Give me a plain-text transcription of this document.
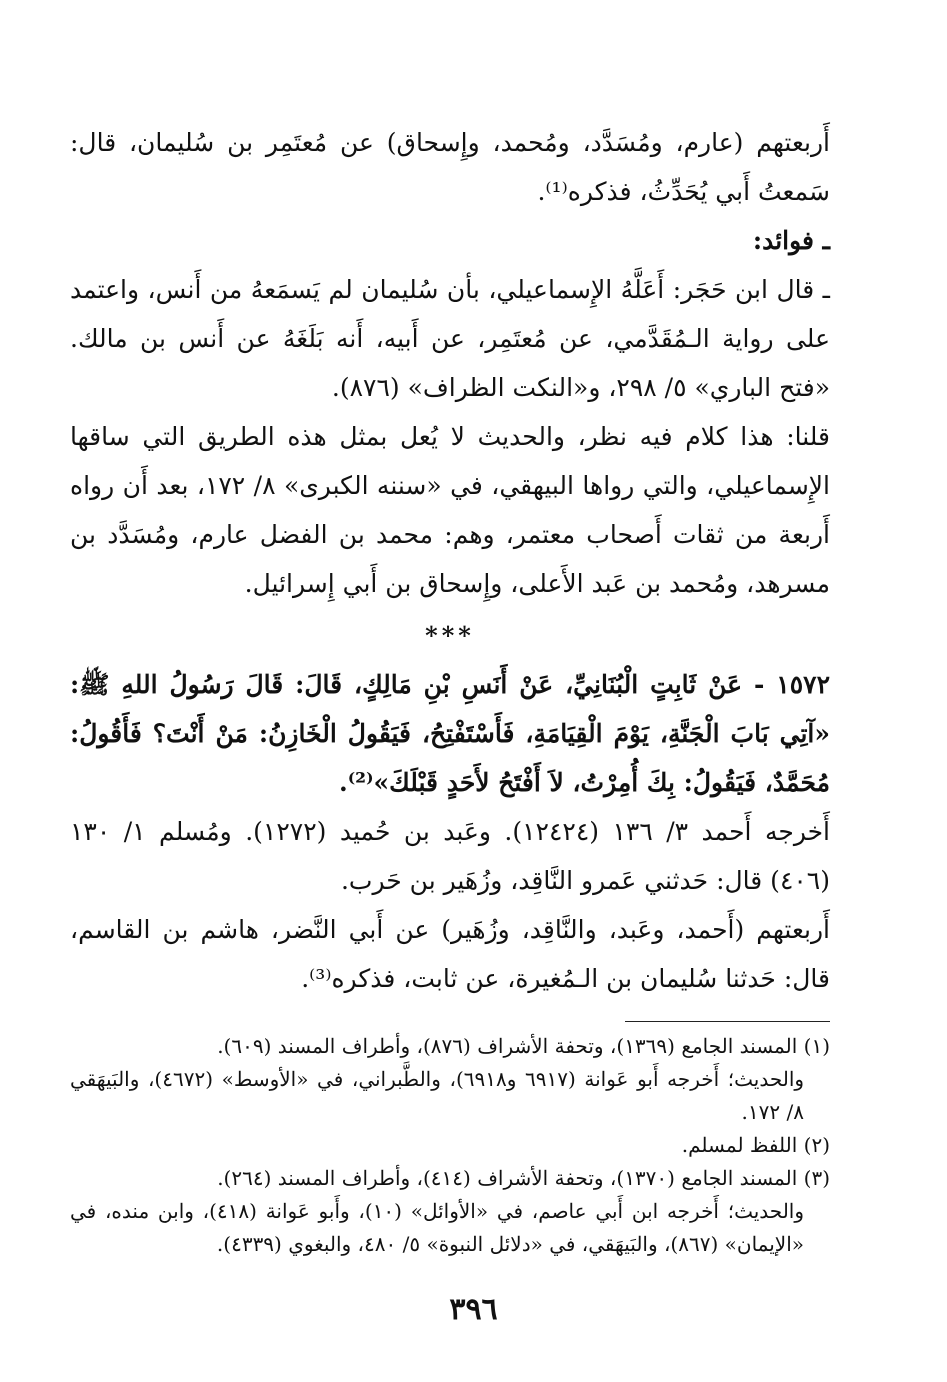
أَربعتهم (عارم، ومُسَدَّد، ومُحمد، وإِسحاق) عن مُعتَمِر بن سُليمان، قال: سَمعتُ أَبي يُحَدِّثُ، فذكره⁽¹⁾.

ـ فوائد:

ـ قال ابن حَجَر: أَعَلَّهُ الإِسماعيلي، بأن سُليمان لم يَسمَعهُ من أَنس، واعتمد على رواية الـمُقَدَّمي، عن مُعتَمِر، عن أَبيه، أَنه بَلَغَهُ عن أَنس بن مالك. «فتح الباري» ٥/ ٢٩٨، و«النكت الظراف» (٨٧٦).

قلنا: هذا كلام فيه نظر، والحديث لا يُعل بمثل هذه الطريق التي ساقها الإِسماعيلي، والتي رواها البيهقي، في «سننه الكبرى» ٨/ ١٧٢، بعد أَن رواه أَربعة من ثقات أَصحاب معتمر، وهم: محمد بن الفضل عارم، ومُسَدَّد بن مسرهد، ومُحمد بن عَبد الأَعلى، وإِسحاق بن أَبي إِسرائيل.

***

١٥٧٢ - عَنْ ثَابِتٍ الْبُنَانِيِّ، عَنْ أَنَسِ بْنِ مَالِكٍ، قَالَ: قَالَ رَسُولُ اللهِ ﷺ: «آتِي بَابَ الْجَنَّةِ، يَوْمَ الْقِيَامَةِ، فَأَسْتَفْتِحُ، فَيَقُولُ الْخَازِنُ: مَنْ أَنْتَ؟ فَأَقُولُ: مُحَمَّدٌ، فَيَقُولُ: بِكَ أُمِرْتُ، لاَ أَفْتَحُ لأَحَدٍ قَبْلَكَ»⁽²⁾.

أَخرجه أَحمد ٣/ ١٣٦ (١٢٤٢٤). وعَبد بن حُميد (١٢٧٢). ومُسلم ١/ ١٣٠ (٤٠٦) قال: حَدثني عَمرو النَّاقِد، وزُهَير بن حَرب.

أَربعتهم (أَحمد، وعَبد، والنَّاقِد، وزُهَير) عن أَبي النَّضر، هاشم بن القاسم، قال: حَدثنا سُليمان بن الـمُغيرة، عن ثابت، فذكره⁽³⁾.

(١) المسند الجامع (١٣٦٩)، وتحفة الأشراف (٨٧٦)، وأطراف المسند (٦٠٩).

والحديث؛ أَخرجه أَبو عَوانة (٦٩١٧ و٦٩١٨)، والطَّبراني، في «الأوسط» (٤٦٧٢)، والبَيهَقي ٨/ ١٧٢.

(٢) اللفظ لمسلم.

(٣) المسند الجامع (١٣٧٠)، وتحفة الأشراف (٤١٤)، وأطراف المسند (٢٦٤).

والحديث؛ أَخرجه ابن أَبي عاصم، في «الأوائل» (١٠)، وأَبو عَوانة (٤١٨)، وابن منده، في «الإيمان» (٨٦٧)، والبَيهَقي، في «دلائل النبوة» ٥/ ٤٨٠، والبغوي (٤٣٣٩).

٣٩٦
